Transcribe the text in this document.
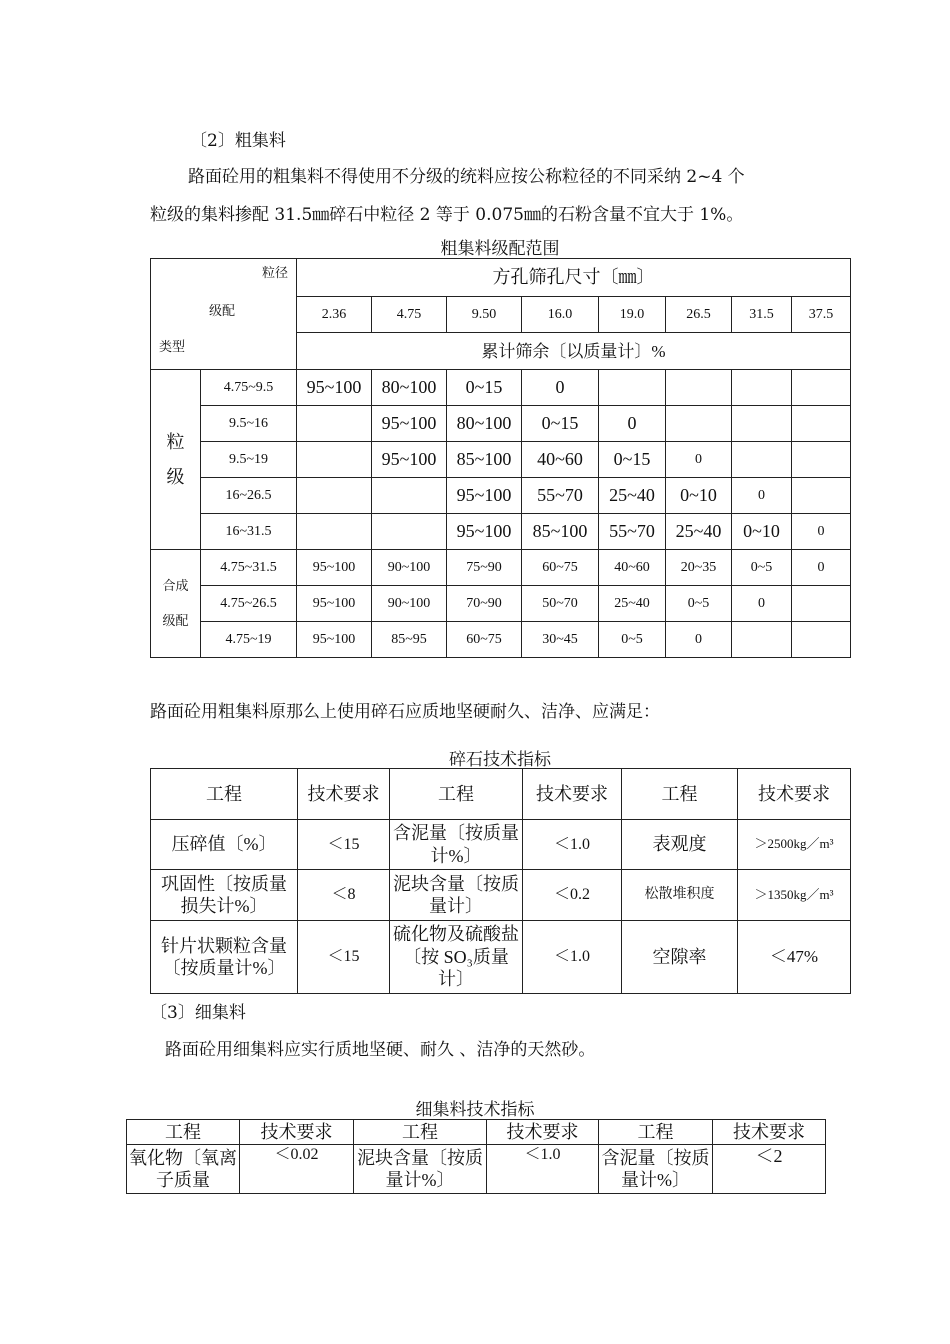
〔2〕粗集料
路面砼用的粗集料不得使用不分级的统料应按公称粒径的不同采纳 2~4 个
粒级的集料掺配 31.5㎜碎石中粒径 2 等于 0.075㎜的石粉含量不宜大于 1%。
粗集料级配范围
粒径
级配
类型		方孔筛孔尺寸〔㎜〕							
		2.36	4.75	9.50	16.0	19.0	26.5	31.5	37.5
		累计筛余〔以质量计〕%							
粒
级	4.75~9.5	95~100	80~100	0~15	0				
	9.5~16		95~100	80~100	0~15	0			
	9.5~19		95~100	85~100	40~60	0~15	0		
	16~26.5			95~100	55~70	25~40	0~10	0	
	16~31.5			95~100	85~100	55~70	25~40	0~10	0

合成
级配	4.75~31.5	95~100	90~100	75~90	60~75	40~60	20~35	0~5	0
	4.75~26.5	95~100	90~100	70~90	50~70	25~40	0~5	0	
	4.75~19	95~100	85~95	60~75	30~45	0~5	0		
路面砼用粗集料原那么上使用碎石应质地坚硬耐久、洁净、应满足：
碎石技术指标
工程	技术要求	工程	技术要求	工程	技术要求
压碎值〔%〕	＜15	含泥量〔按质量计%〕	＜1.0	表观度	＞2500kg／m³
巩固性〔按质量损失计%〕	＜8	泥块含量〔按质量计〕	＜0.2	松散堆积度	＞1350kg／m³
针片状颗粒含量〔按质量计%〕	＜15	硫化物及硫酸盐〔按 SO₃质量计〕	＜1.0	空隙率	＜47%
〔3〕细集料
路面砼用细集料应实行质地坚硬、耐久 、洁净的天然砂。
细集料技术指标
工程	技术要求	工程	技术要求	工程	技术要求
氧化物〔氧离子质量	＜0.02	泥块含量〔按质量计%〕	＜1.0	含泥量〔按质量计%〕	＜2
